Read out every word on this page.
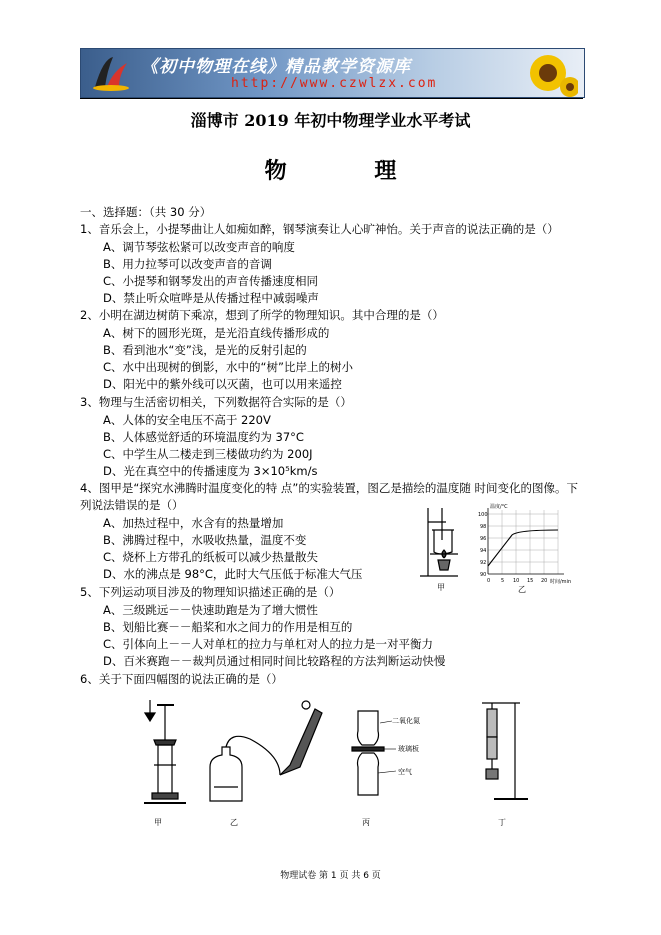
《初中物理在线》精品教学资源库
http://www.czwlzx.com
淄博市 2019 年初中物理学业水平考试
物 理
一、选择题：（共 30 分）
1、音乐会上，小提琴曲让人如痴如醉，钢琴演奏让人心旷神怡。关于声音的说法正确的是（）
A、调节琴弦松紧可以改变声音的响度
B、用力拉琴可以改变声音的音调
C、小提琴和钢琴发出的声音传播速度相同
D、禁止听众喧哗是从传播过程中减弱噪声
2、小明在湖边树荫下乘凉，想到了所学的物理知识。其中合理的是（）
A、树下的圆形光斑，是光沿直线传播形成的
B、看到池水“变”浅，是光的反射引起的
C、水中出现树的倒影，水中的“树”比岸上的树小
D、阳光中的紫外线可以灭菌，也可以用来遥控
3、物理与生活密切相关，下列数据符合实际的是（）
A、人体的安全电压不高于 220V
B、人体感觉舒适的环境温度约为 37°C
C、中学生从二楼走到三楼做功约为 200J
D、光在真空中的传播速度为 3×10⁵km/s
4、图甲是“探究水沸腾时温度变化的特 点”的实验装置，图乙是描绘的温度随 时间变化的图像。下
列说法错误的是（）
A、加热过程中，水含有的热量增加
B、沸腾过程中，水吸收热量，温度不变
C、烧杯上方带孔的纸板可以减少热量散失
D、水的沸点是 98°C，此时大气压低于标准大气压
甲
温度/°C
时间/min
100
98
96
94
92
90
0 5 10 15 20
乙
5、下列运动项目涉及的物理知识描述正确的是（）
A、三级跳远－－快速助跑是为了增大惯性
B、划船比赛－－船桨和水之间力的作用是相互的
C、引体向上－－人对单杠的拉力与单杠对人的拉力是一对平衡力
D、百米赛跑－－裁判员通过相同时间比较路程的方法判断运动快慢
6、关于下面四幅图的说法正确的是（）
甲	乙
二氧化氮
玻璃板
空气
丙	丁
物理试卷 第 1 页 共 6 页
